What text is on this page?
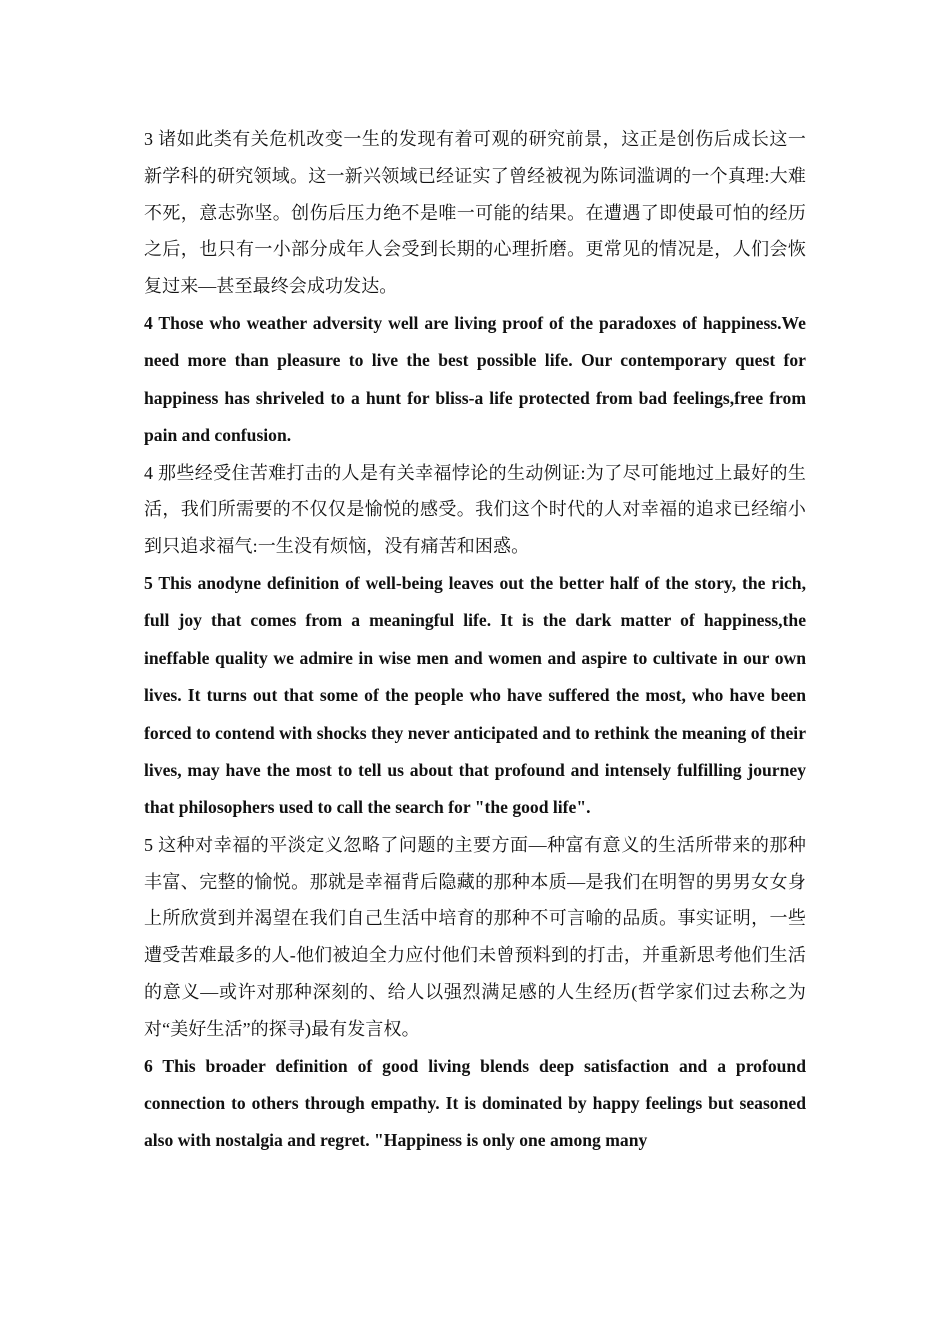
3 诸如此类有关危机改变一生的发现有着可观的研究前景，这正是创伤后成长这一新学科的研究领域。这一新兴领域已经证实了曾经被视为陈词滥调的一个真理:大难不死，意志弥坚。创伤后压力绝不是唯一可能的结果。在遭遇了即使最可怕的经历之后，也只有一小部分成年人会受到长期的心理折磨。更常见的情况是，人们会恢复过来—甚至最终会成功发达。

4 Those who weather adversity well are living proof of the paradoxes of happiness.We need more than pleasure to live the best possible life. Our contemporary quest for happiness has shriveled to a hunt for bliss-a life protected from bad feelings,free from pain and confusion.

4 那些经受住苦难打击的人是有关幸福悖论的生动例证:为了尽可能地过上最好的生活，我们所需要的不仅仅是愉悦的感受。我们这个时代的人对幸福的追求已经缩小到只追求福气:一生没有烦恼，没有痛苦和困惑。

5 This anodyne definition of well-being leaves out the better half of the story, the rich, full joy that comes from a meaningful life. It is the dark matter of happiness,the ineffable quality we admire in wise men and women and aspire to cultivate in our own lives. It turns out that some of the people who have suffered the most, who have been forced to contend with shocks they never anticipated and to rethink the meaning of their lives, may have the most to tell us about that profound and intensely fulfilling journey that philosophers used to call the search for "the good life".

5 这种对幸福的平淡定义忽略了问题的主要方面—种富有意义的生活所带来的那种丰富、完整的愉悦。那就是幸福背后隐藏的那种本质—是我们在明智的男男女女身上所欣赏到并渴望在我们自己生活中培育的那种不可言喻的品质。事实证明，一些遭受苦难最多的人-他们被迫全力应付他们未曾预料到的打击，并重新思考他们生活的意义—或许对那种深刻的、给人以强烈满足感的人生经历(哲学家们过去称之为对“美好生活”的探寻)最有发言权。

6 This broader definition of good living blends deep satisfaction and a profound connection to others through empathy. It is dominated by happy feelings but seasoned also with nostalgia and regret. "Happiness is only one among many
